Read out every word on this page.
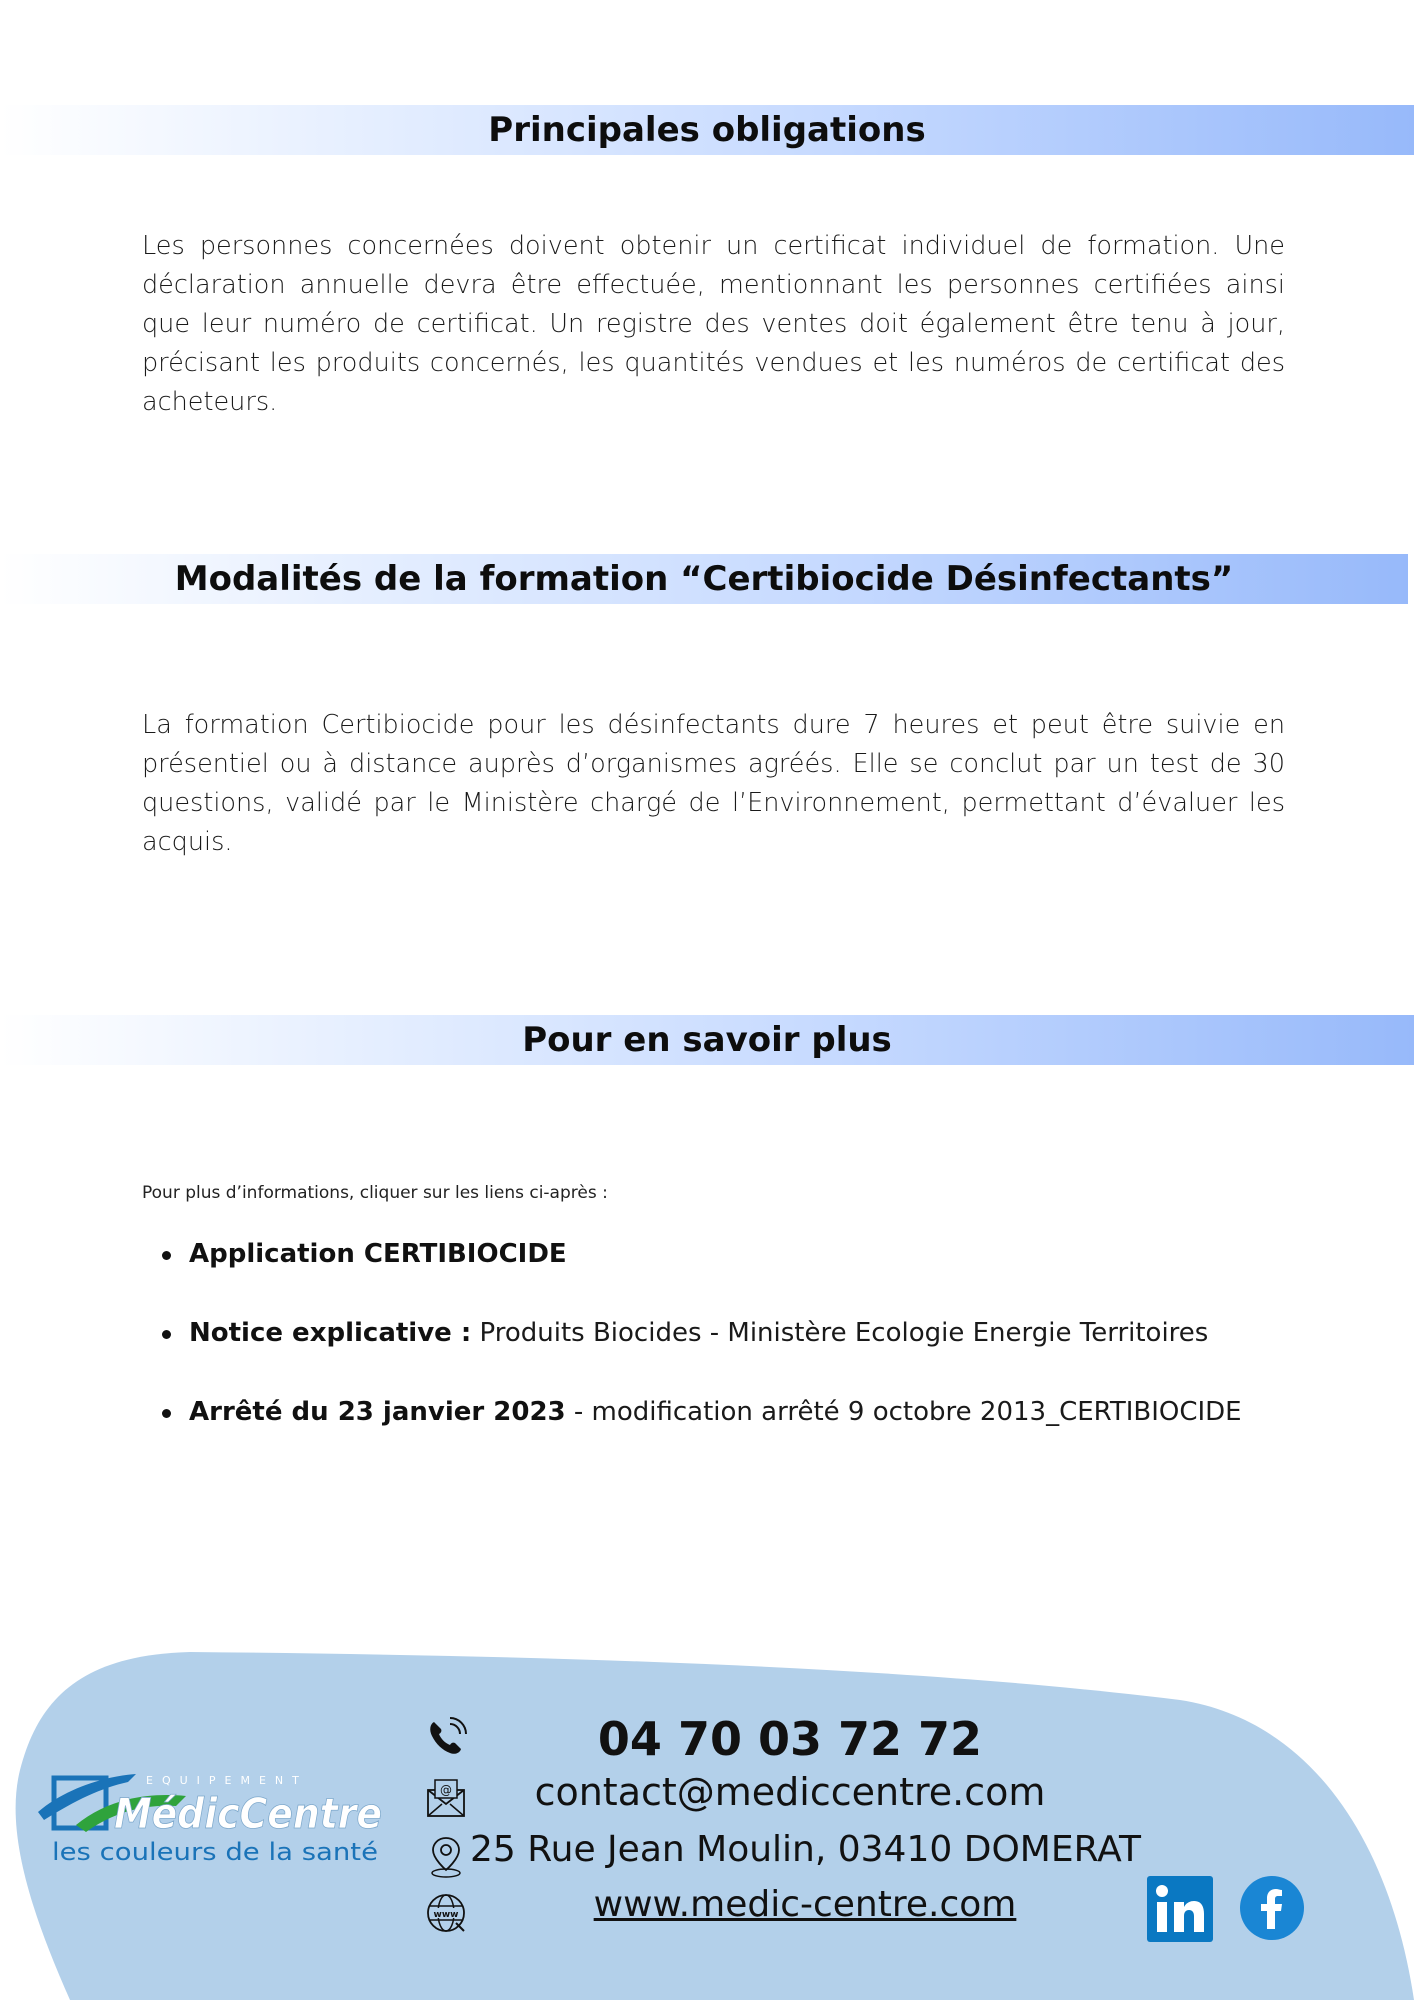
Principales obligations

Les personnes concernées doivent obtenir un certificat individuel de formation. Une déclaration annuelle devra être effectuée, mentionnant les personnes certifiées ainsi que leur numéro de certificat. Un registre des ventes doit également être tenu à jour, précisant les produits concernés, les quantités vendues et les numéros de certificat des acheteurs.

Modalités de la formation “Certibiocide Désinfectants”

La formation Certibiocide pour les désinfectants dure 7 heures et peut être suivie en présentiel ou à distance auprès d’organismes agréés. Elle se conclut par un test de 30 questions, validé par le Ministère chargé de l’Environnement, permettant d’évaluer les acquis.

Pour en savoir plus

Pour plus d’informations, cliquer sur les liens ci-après :

Application CERTIBIOCIDE
Notice explicative : Produits Biocides - Ministère Ecologie Energie Territoires
Arrêté du 23 janvier 2023 - modification arrêté 9 octobre 2013_CERTIBIOCIDE
EQUIPEMENT
MédicCentre
les couleurs de la santé
@
www

04 70 03 72 72

contact@mediccentre.com

25 Rue Jean Moulin, 03410 DOMERAT

www.medic-centre.com
